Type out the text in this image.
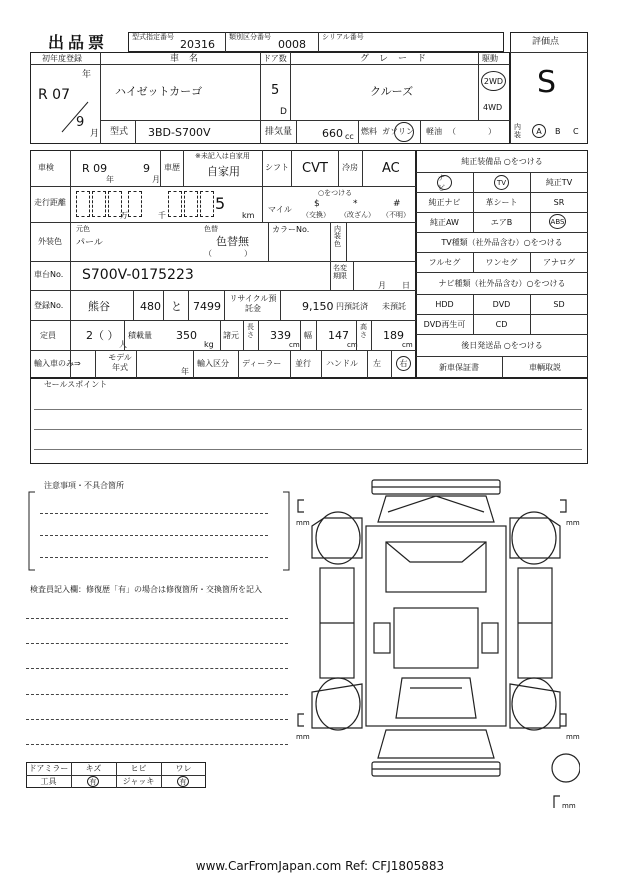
出品票	型式指定番号
20316
類別区分番号
0008
シリアル番号	評価点
S
初年度登録
R 07
年
9
月
車名
ハイゼットカーゴ
ドア数
5
D
グレード
クルーズ
駆動
2WD
4WD
型式 3BD-S700V	排気量	660 cc
燃料 ガソリン 軽油 （　　　　）	内装	A	B C
車検	R 09
年
9
月
車歴
※未記入は自家用
自家用	シフト CVT 冷房 AC
走行距離
万	千
5
km
マイル
○をつける
$
（交換）
*
（改ざん）
#
（不明）
外装色
元色
パール
色替
色替無
（　　　　）
カラーNo.	内装色
車台No. S700V-0175223	名変期限
月 日
登録No. 熊谷	480 と 7499
リサイクル預託金	9,150 円預託済 未預託
定員	2（ ）
人
積載量 350
kg
諸元
長さ 339
cm
幅 147
cm
高さ 189
cm
輸入車のみ⇒
モデル年式	年
輸入区分 ディーラー 並行 ハンドル 左	右
純正装備品 ○をつける
ナビ
TV	純正TV
純正ナビ	革シート	SR
純正AW	エアB	ABS
TV種類（社外品含む）○をつける
フルセグ	ワンセグ	アナログ
ナビ種類（社外品含む）○をつける
HDD	DVD	SD
DVD再生可	CD
後日発送品 ○をつける
新車保証書	車輌取説
セールスポイント
注意事項・不具合箇所
検査員記入欄：修復歴「有」の場合は修復箇所・交換箇所を記入
ドアミラー	キズ	ヒビ	ワレ
工具	有	ジャッキ	有
mm	mm
mm	mm
mm
www.CarFromJapan.com Ref: CFJ1805883
